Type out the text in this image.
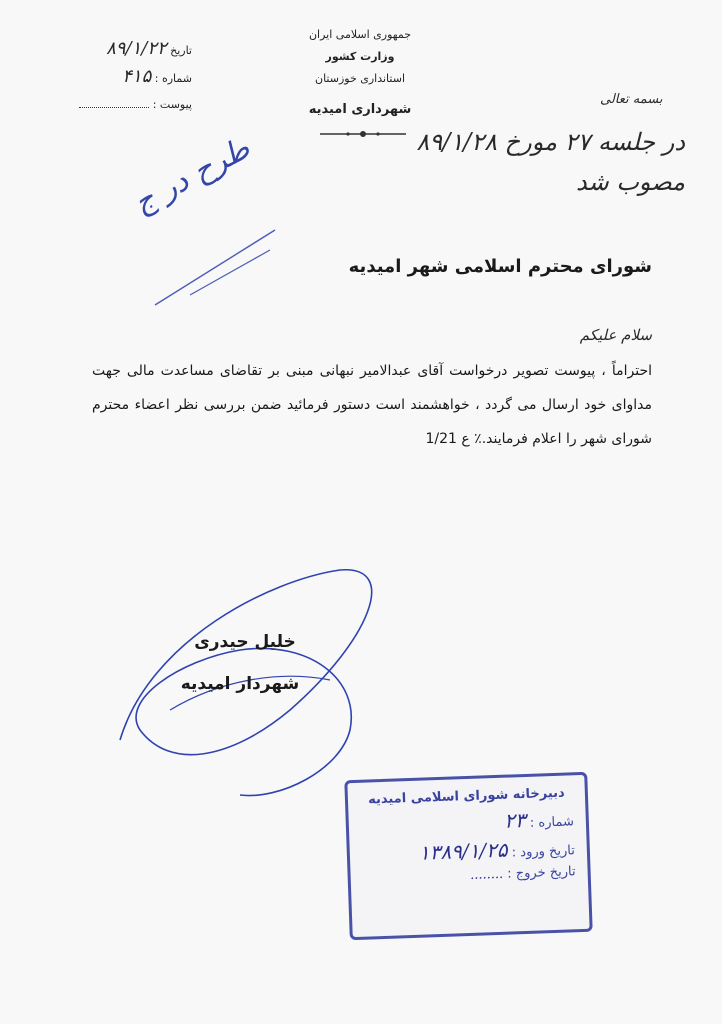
تاریخ ۸۹/۱/۲۲
شماره : ۴۱۵
پیوست :
جمهوری اسلامی ایران
وزارت کشور
استانداری خوزستان
شهرداری امیدیه
بسمه تعالی
در جلسه ۲۷ مورخ ۸۹/۱/۲۸
مصوب شد
طرح در ج
شورای محترم اسلامی شهر امیدیه
سلام علیکم
احتراماً ، پیوست تصویر درخواست آقای عبدالامیر نبهانی مبنی بر تقاضای مساعدت مالی جهت مداوای خود ارسال می گردد ، خواهشمند است دستور فرمائید ضمن بررسی نظر اعضاء محترم شورای شهر را اعلام فرمایند.٪ ع 1/21
خلیل حیدری
شهردار امیدیه
دبیرخانه شورای اسلامی امیدیه
شماره : ۲۳
تاریخ ورود : ۱۳۸۹/۱/۲۵
تاریخ خروج : ........
